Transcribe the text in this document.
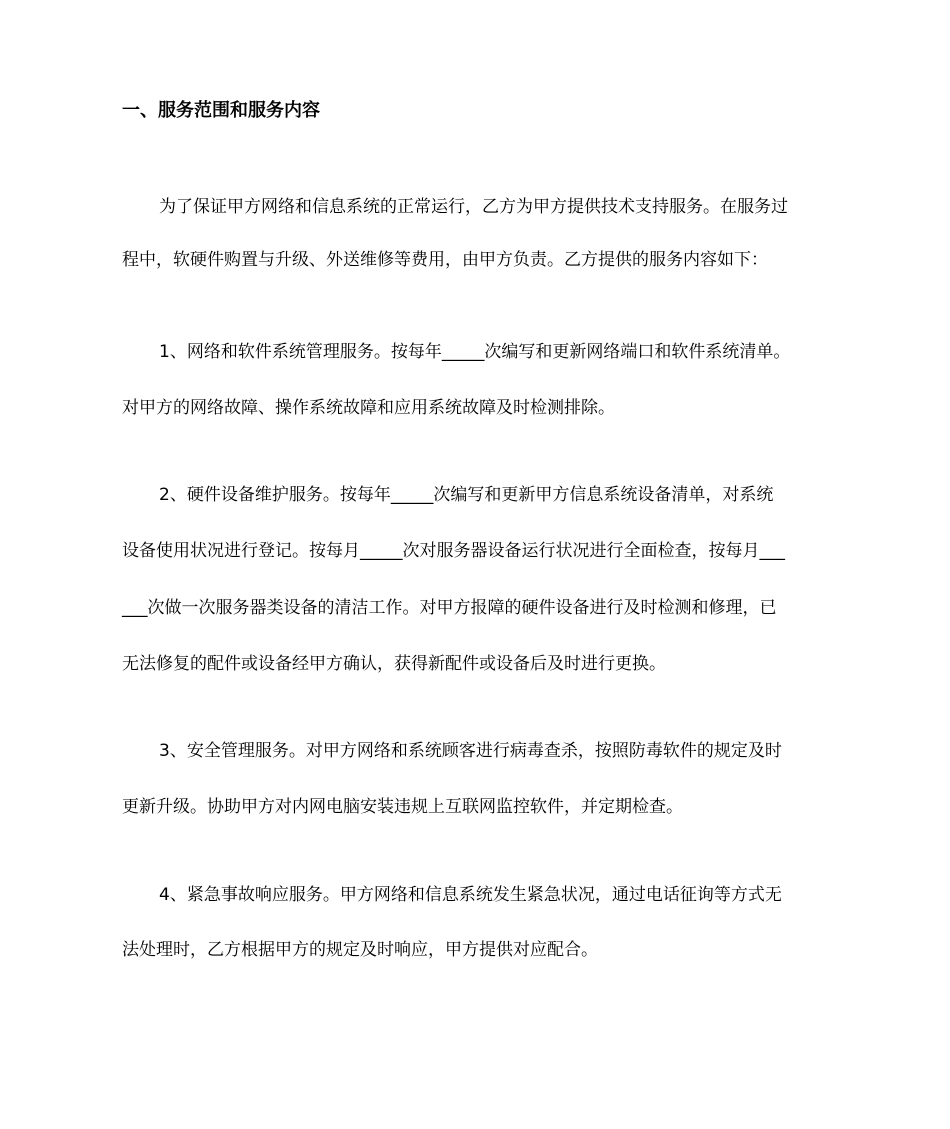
一、服务范围和服务内容

为了保证甲方网络和信息系统的正常运行，乙方为甲方提供技术支持服务。在服务过

程中，软硬件购置与升级、外送维修等费用，由甲方负责。乙方提供的服务内容如下：

1、网络和软件系统管理服务。按每年_____次编写和更新网络端口和软件系统清单。

对甲方的网络故障、操作系统故障和应用系统故障及时检测排除。

2、硬件设备维护服务。按每年_____次编写和更新甲方信息系统设备清单，对系统

设备使用状况进行登记。按每月_____次对服务器设备运行状况进行全面检查，按每月___

___次做一次服务器类设备的清洁工作。对甲方报障的硬件设备进行及时检测和修理，已

无法修复的配件或设备经甲方确认，获得新配件或设备后及时进行更换。

3、安全管理服务。对甲方网络和系统顾客进行病毒查杀，按照防毒软件的规定及时

更新升级。协助甲方对内网电脑安装违规上互联网监控软件，并定期检查。

4、紧急事故响应服务。甲方网络和信息系统发生紧急状况，通过电话征询等方式无

法处理时，乙方根据甲方的规定及时响应，甲方提供对应配合。
